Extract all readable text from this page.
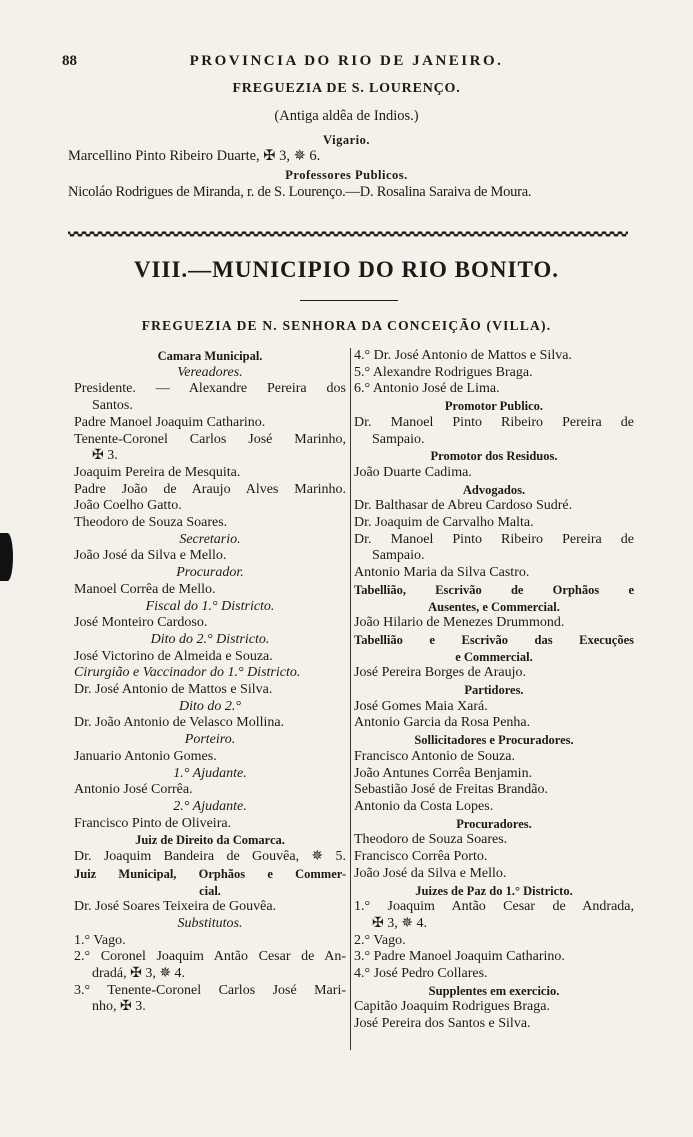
88	PROVINCIA DO RIO DE JANEIRO.
FREGUEZIA DE S. LOURENÇO.
(Antiga aldêa de Indios.)
Vigario.
Marcellino Pinto Ribeiro Duarte, ✠ 3, ✵ 6.
Professores Publicos.
Nicoláo Rodrigues de Miranda, r. de S. Lourenço.—D. Rosalina Saraiva de Moura.
VIII.—MUNICIPIO DO RIO BONITO.
FREGUEZIA DE N. SENHORA DA CONCEIÇÃO (VILLA).
Camara Municipal.
Vereadores.
Presidente. — Alexandre Pereira dos
Santos.
Padre Manoel Joaquim Catharino.
Tenente-Coronel Carlos José Marinho,
✠ 3.
Joaquim Pereira de Mesquita.
Padre João de Araujo Alves Marinho.
João Coelho Gatto.
Theodoro de Souza Soares.
Secretario.
João José da Silva e Mello.
Procurador.
Manoel Corrêa de Mello.
Fiscal do 1.° Districto.
José Monteiro Cardoso.
Dito do 2.° Districto.
José Victorino de Almeida e Souza.
Cirurgião e Vaccinador do 1.° Districto.
Dr. José Antonio de Mattos e Silva.
Dito do 2.°
Dr. João Antonio de Velasco Mollina.
Porteiro.
Januario Antonio Gomes.
1.° Ajudante.
Antonio José Corrêa.
2.° Ajudante.
Francisco Pinto de Oliveira.
Juiz de Direito da Comarca.
Dr. Joaquim Bandeira de Gouvêa, ✵ 5.
Juiz Municipal, Orphãos e Commer-
cial.
Dr. José Soares Teixeira de Gouvêa.
Substitutos.
1.° Vago.
2.° Coronel Joaquim Antão Cesar de An-
dradá, ✠ 3, ✵ 4.
3.° Tenente-Coronel Carlos José Mari-
nho, ✠ 3.
4.° Dr. José Antonio de Mattos e Silva.
5.° Alexandre Rodrigues Braga.
6.° Antonio José de Lima.
Promotor Publico.
Dr. Manoel Pinto Ribeiro Pereira de
Sampaio.
Promotor dos Residuos.
João Duarte Cadima.
Advogados.
Dr. Balthasar de Abreu Cardoso Sudré.
Dr. Joaquim de Carvalho Malta.
Dr. Manoel Pinto Ribeiro Pereira de
Sampaio.
Antonio Maria da Silva Castro.
Tabellião, Escrivão de Orphãos e
Ausentes, e Commercial.
João Hilario de Menezes Drummond.
Tabellião e Escrivão das Execuções
e Commercial.
José Pereira Borges de Araujo.
Partidores.
José Gomes Maia Xará.
Antonio Garcia da Rosa Penha.
Sollicitadores e Procuradores.
Francisco Antonio de Souza.
João Antunes Corrêa Benjamin.
Sebastião José de Freitas Brandão.
Antonio da Costa Lopes.
Procuradores.
Theodoro de Souza Soares.
Francisco Corrêa Porto.
João José da Silva e Mello.
Juizes de Paz do 1.° Districto.
1.° Joaquim Antão Cesar de Andrada,
✠ 3, ✵ 4.
2.° Vago.
3.° Padre Manoel Joaquim Catharino.
4.° José Pedro Collares.
Supplentes em exercicio.
Capitão Joaquim Rodrigues Braga.
José Pereira dos Santos e Silva.
